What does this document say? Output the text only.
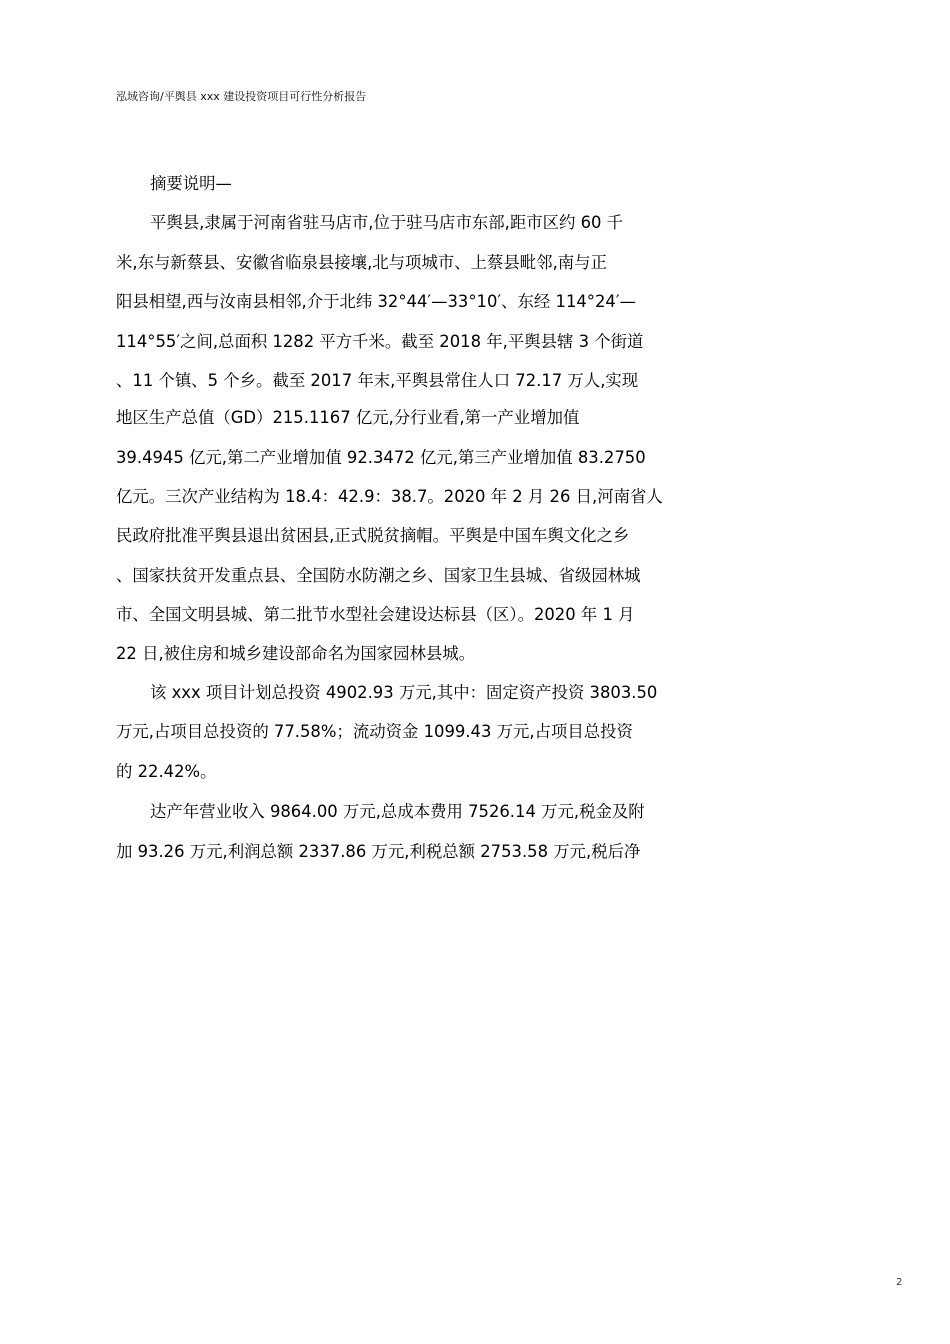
泓域咨询/平舆县 xxx 建设投资项目可行性分析报告
摘要说明—
平舆县,隶属于河南省驻马店市,位于驻马店市东部,距市区约 60 千
米,东与新蔡县、安徽省临泉县接壤,北与项城市、上蔡县毗邻,南与正
阳县相望,西与汝南县相邻,介于北纬 32°44′—33°10′、东经 114°24′—
114°55′之间,总面积 1282 平方千米。截至 2018 年,平舆县辖 3 个街道
、11 个镇、5 个乡。截至 2017 年末,平舆县常住人口 72.17 万人,实现
地区生产总值（GD）215.1167 亿元,分行业看,第一产业增加值
39.4945 亿元,第二产业增加值 92.3472 亿元,第三产业增加值 83.2750
亿元。三次产业结构为 18.4：42.9：38.7。2020 年 2 月 26 日,河南省人
民政府批准平舆县退出贫困县,正式脱贫摘帽。平舆是中国车舆文化之乡
、国家扶贫开发重点县、全国防水防潮之乡、国家卫生县城、省级园林城
市、全国文明县城、第二批节水型社会建设达标县（区）。2020 年 1 月
22 日,被住房和城乡建设部命名为国家园林县城。
该 xxx 项目计划总投资 4902.93 万元,其中：固定资产投资 3803.50
万元,占项目总投资的 77.58%；流动资金 1099.43 万元,占项目总投资
的 22.42%。
达产年营业收入 9864.00 万元,总成本费用 7526.14 万元,税金及附
加 93.26 万元,利润总额 2337.86 万元,利税总额 2753.58 万元,税后净
2
